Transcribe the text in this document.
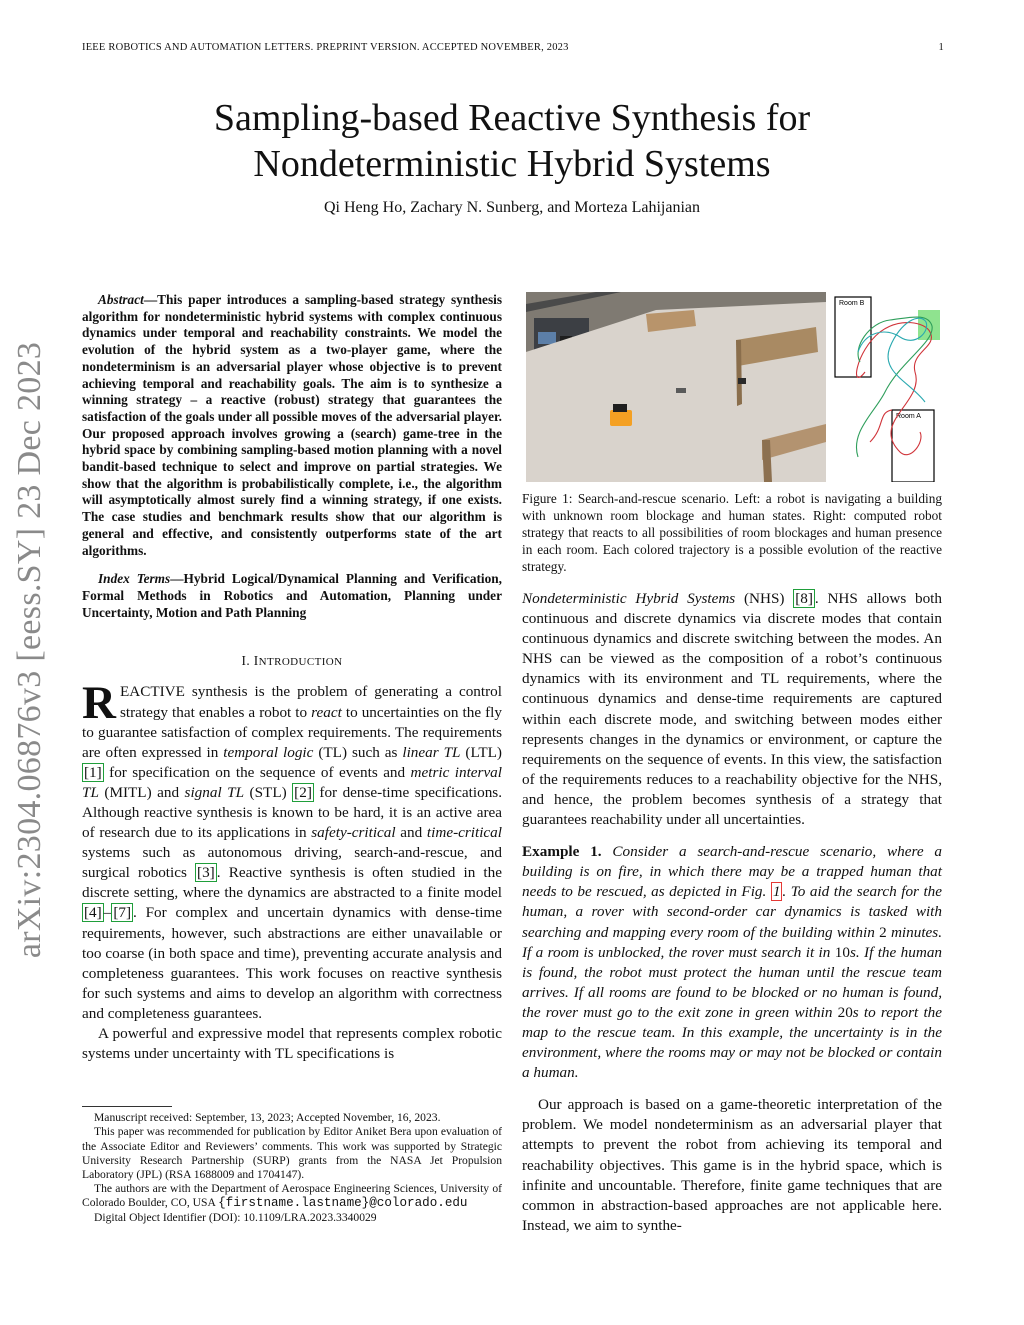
IEEE ROBOTICS AND AUTOMATION LETTERS. PREPRINT VERSION. ACCEPTED NOVEMBER, 2023	1
arXiv:2304.06876v3 [eess.SY] 23 Dec 2023
Sampling-based Reactive Synthesis for
Nondeterministic Hybrid Systems
Qi Heng Ho, Zachary N. Sunberg, and Morteza Lahijanian

Abstract—This paper introduces a sampling-based strategy synthesis algorithm for nondeterministic hybrid systems with complex continuous dynamics under temporal and reachability constraints. We model the evolution of the hybrid system as a two-player game, where the nondeterminism is an adversarial player whose objective is to prevent achieving temporal and reachability goals. The aim is to synthesize a winning strategy – a reactive (robust) strategy that guarantees the satisfaction of the goals under all possible moves of the adversarial player. Our proposed approach involves growing a (search) game-tree in the hybrid space by combining sampling-based motion planning with a novel bandit-based technique to select and improve on partial strategies. We show that the algorithm is probabilistically complete, i.e., the algorithm will asymptotically almost surely find a winning strategy, if one exists. The case studies and benchmark results show that our algorithm is general and effective, and consistently outperforms state of the art algorithms.

Index Terms—Hybrid Logical/Dynamical Planning and Verification, Formal Methods in Robotics and Automation, Planning under Uncertainty, Motion and Path Planning

I. INTRODUCTION

REACTIVE synthesis is the problem of generating a control strategy that enables a robot to react to uncertainties on the fly to guarantee satisfaction of complex requirements. The requirements are often expressed in temporal logic (TL) such as linear TL (LTL) [1] for specification on the sequence of events and metric interval TL (MITL) and signal TL (STL) [2] for dense-time specifications. Although reactive synthesis is known to be hard, it is an active area of research due to its applications in safety-critical and time-critical systems such as autonomous driving, search-and-rescue, and surgical robotics [3] . Reactive synthesis is often studied in the discrete setting, where the dynamics are abstracted to a finite model [4] – [7] . For complex and uncertain dynamics with dense-time requirements, however, such abstractions are either unavailable or too coarse (in both space and time), preventing accurate analysis and completeness guarantees. This work focuses on reactive synthesis for such systems and aims to develop an algorithm with correctness and completeness guarantees.

A powerful and expressive model that represents complex robotic systems under uncertainty with TL specifications is

Manuscript received: September, 13, 2023; Accepted November, 16, 2023.

This paper was recommended for publication by Editor Aniket Bera upon evaluation of the Associate Editor and Reviewers’ comments. This work was supported by Strategic University Research Partnership (SURP) grants from the NASA Jet Propulsion Laboratory (JPL) (RSA 1688009 and 1704147).

The authors are with the Department of Aerospace Engineering Sciences, University of Colorado Boulder, CO, USA {firstname.lastname}@colorado.edu

Digital Object Identifier (DOI): 10.1109/LRA.2023.3340029

Room B
Room A
Figure 1: Search-and-rescue scenario. Left: a robot is navigating a building with unknown room blockage and human states. Right: computed robot strategy that reacts to all possibilities of room blockages and human presence in each room. Each colored trajectory is a possible evolution of the reactive strategy.

Nondeterministic Hybrid Systems (NHS) [8] . NHS allows both continuous and discrete dynamics via discrete modes that contain continuous dynamics and discrete switching between the modes. An NHS can be viewed as the composition of a robot’s continuous dynamics with its environment and TL requirements, where the continuous dynamics and dense-time requirements are captured within each discrete mode, and switching between modes either represents changes in the dynamics or environment, or capture the requirements on the sequence of events. In this view, the satisfaction of the requirements reduces to a reachability objective for the NHS, and hence, the problem becomes synthesis of a strategy that guarantees reachability under all uncertainties.

Example 1. Consider a search-and-rescue scenario, where a building is on fire, in which there may be a trapped human that needs to be rescued, as depicted in Fig. 1 . To aid the search for the human, a rover with second-order car dynamics is tasked with searching and mapping every room of the building within 2 minutes. If a room is unblocked, the rover must search it in 10s. If the human is found, the robot must protect the human until the rescue team arrives. If all rooms are found to be blocked or no human is found, the rover must go to the exit zone in green within 20s to report the map to the rescue team. In this example, the uncertainty is in the environment, where the rooms may or may not be blocked or contain a human.

Our approach is based on a game-theoretic interpretation of the problem. We model nondeterminism as an adversarial player that attempts to prevent the robot from achieving its temporal and reachability objectives. This game is in the hybrid space, which is infinite and uncountable. Therefore, finite game techniques that are common in abstraction-based approaches are not applicable here. Instead, we aim to synthe-
